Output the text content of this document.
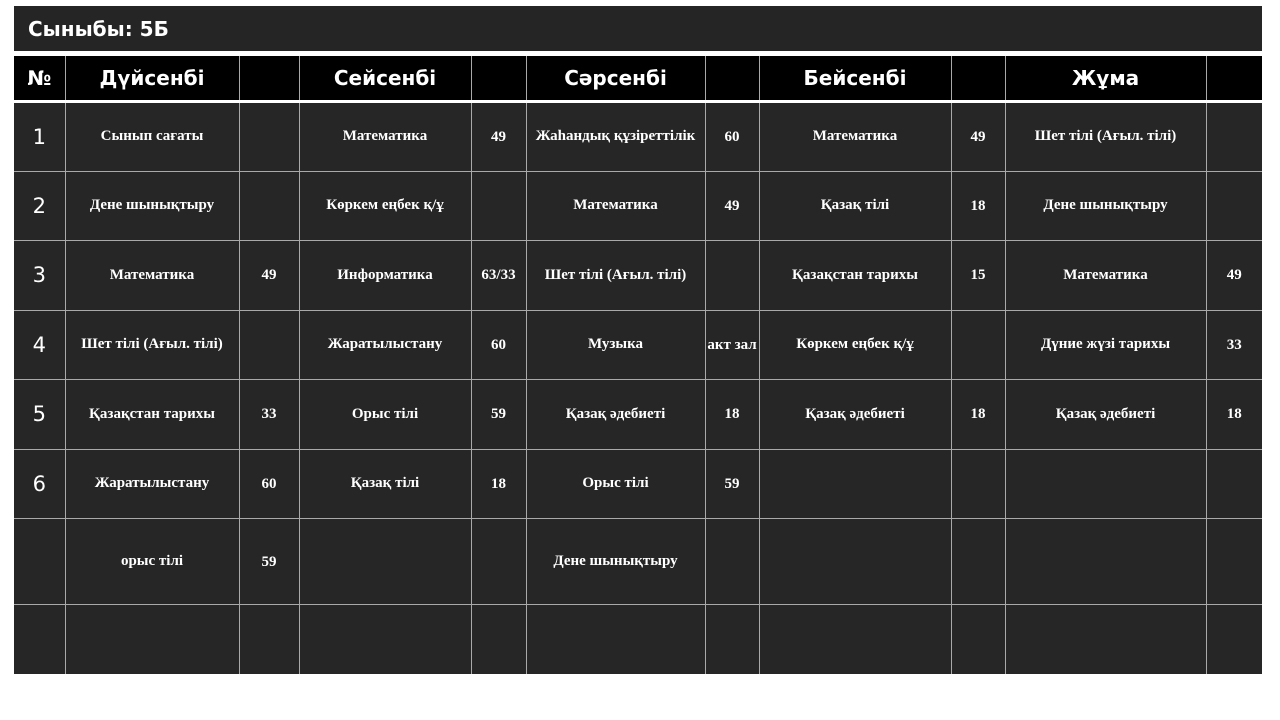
Сыныбы: 5Б
№	Дүйсенбі		Сейсенбі		Сәрсенбі		Бейсенбі		Жұма	
1	Сынып сағаты		Математика	49	Жаһандық құзіреттілік	60	Математика	49	Шет тілі (Ағыл. тілі)	
2	Дене шынықтыру		Көркем еңбек қ/ұ		Математика	49	Қазақ тілі	18	Дене шынықтыру	
3	Математика	49	Информатика	63/33	Шет тілі (Ағыл. тілі)		Қазақстан тарихы	15	Математика	49
4	Шет тілі (Ағыл. тілі)		Жаратылыстану	60	Музыка	акт зал	Көркем еңбек қ/ұ		Дүние жүзі тарихы	33
5	Қазақстан тарихы	33	Орыс тілі	59	Қазақ әдебиеті	18	Қазақ әдебиеті	18	Қазақ әдебиеті	18
6	Жаратылыстану	60	Қазақ тілі	18	Орыс тілі	59				
	орыс тілі	59			Дене шынықтыру					
